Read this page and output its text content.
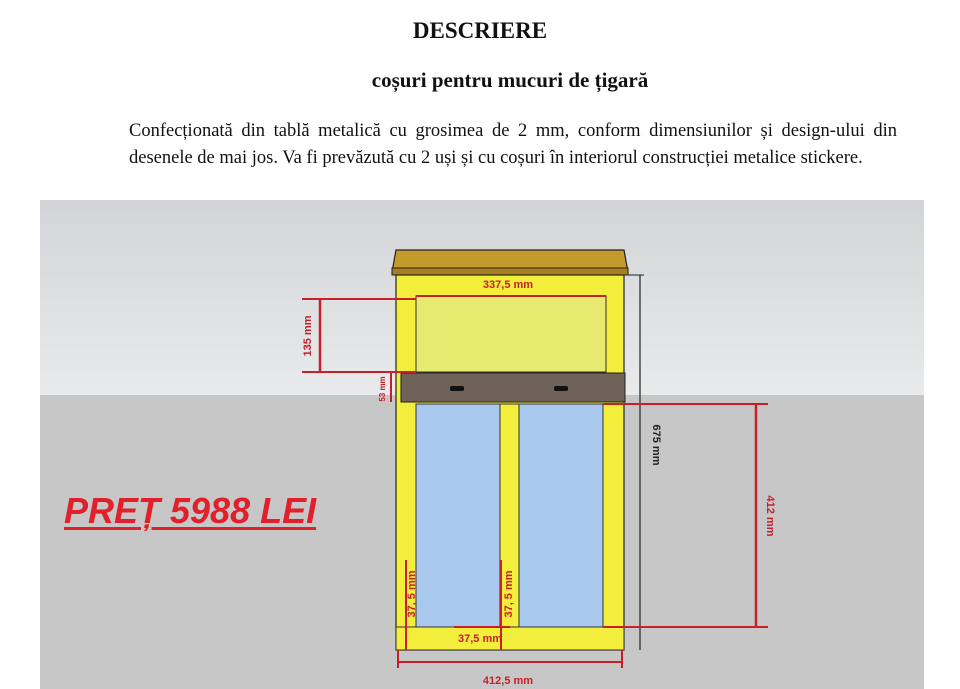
DESCRIERE
coșuri pentru mucuri de țigară
Confecționată din tablă metalică cu grosimea de 2 mm, conform dimensiunilor și design-ului din desenele de mai jos. Va fi prevăzută cu 2 uși și cu coșuri în interiorul construcției metalice stickere.
337,5 mm
135 mm
53 mm
675 mm
412 mm
37, 5 mm	37, 5 mm
37,5 mm
412,5 mm
PREȚ 5988 LEI
